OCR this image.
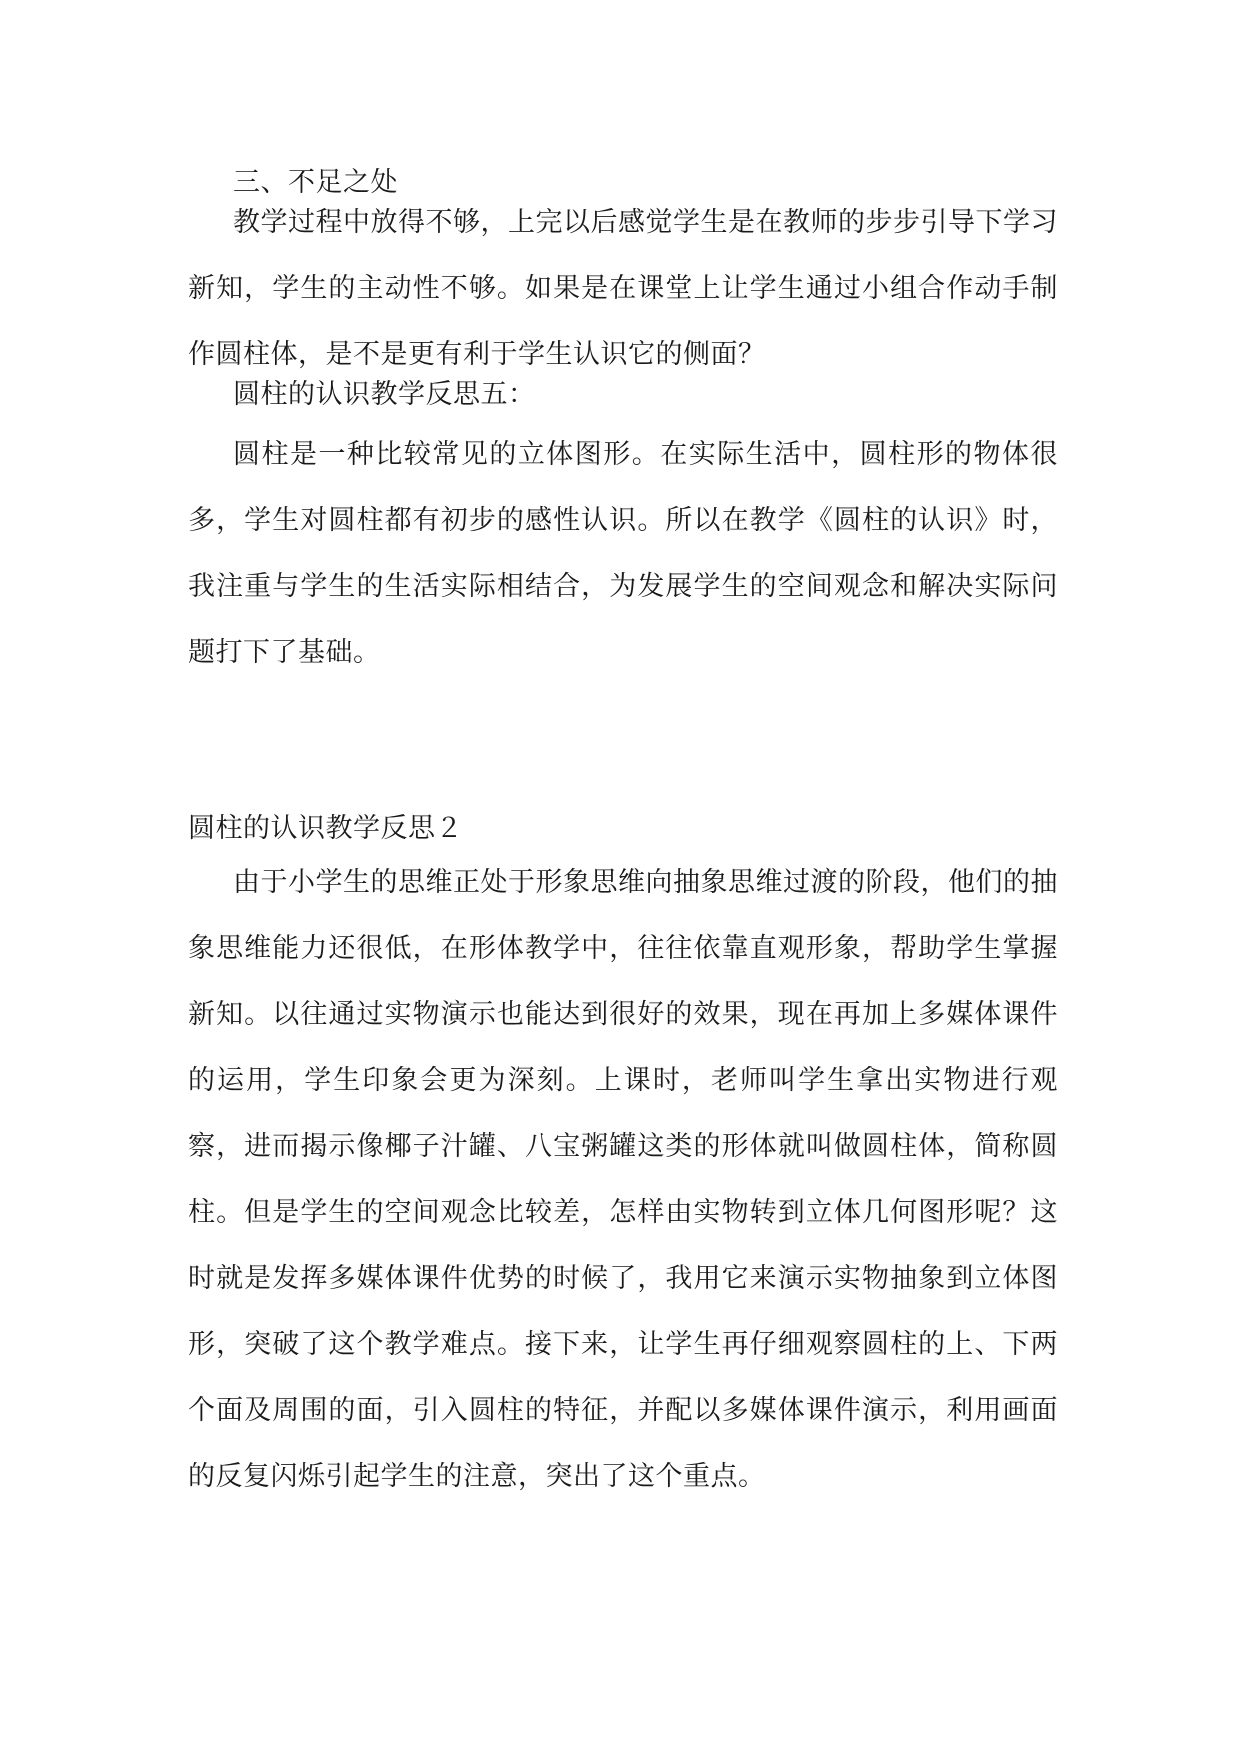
三、不足之处
教学过程中放得不够，上完以后感觉学生是在教师的步步引导下学习新知，学生的主动性不够。如果是在课堂上让学生通过小组合作动手制作圆柱体，是不是更有利于学生认识它的侧面？
圆柱的认识教学反思五：
圆柱是一种比较常见的立体图形。在实际生活中，圆柱形的物体很多，学生对圆柱都有初步的感性认识。所以在教学《圆柱的认识》时，我注重与学生的生活实际相结合，为发展学生的空间观念和解决实际问题打下了基础。
圆柱的认识教学反思２
由于小学生的思维正处于形象思维向抽象思维过渡的阶段，他们的抽象思维能力还很低，在形体教学中，往往依靠直观形象，帮助学生掌握新知。以往通过实物演示也能达到很好的效果，现在再加上多媒体课件的运用，学生印象会更为深刻。上课时，老师叫学生拿出实物进行观察，进而揭示像椰子汁罐、八宝粥罐这类的形体就叫做圆柱体，简称圆柱。但是学生的空间观念比较差，怎样由实物转到立体几何图形呢？这时就是发挥多媒体课件优势的时候了，我用它来演示实物抽象到立体图形，突破了这个教学难点。接下来，让学生再仔细观察圆柱的上、下两个面及周围的面，引入圆柱的特征，并配以多媒体课件演示，利用画面的反复闪烁引起学生的注意，突出了这个重点。
